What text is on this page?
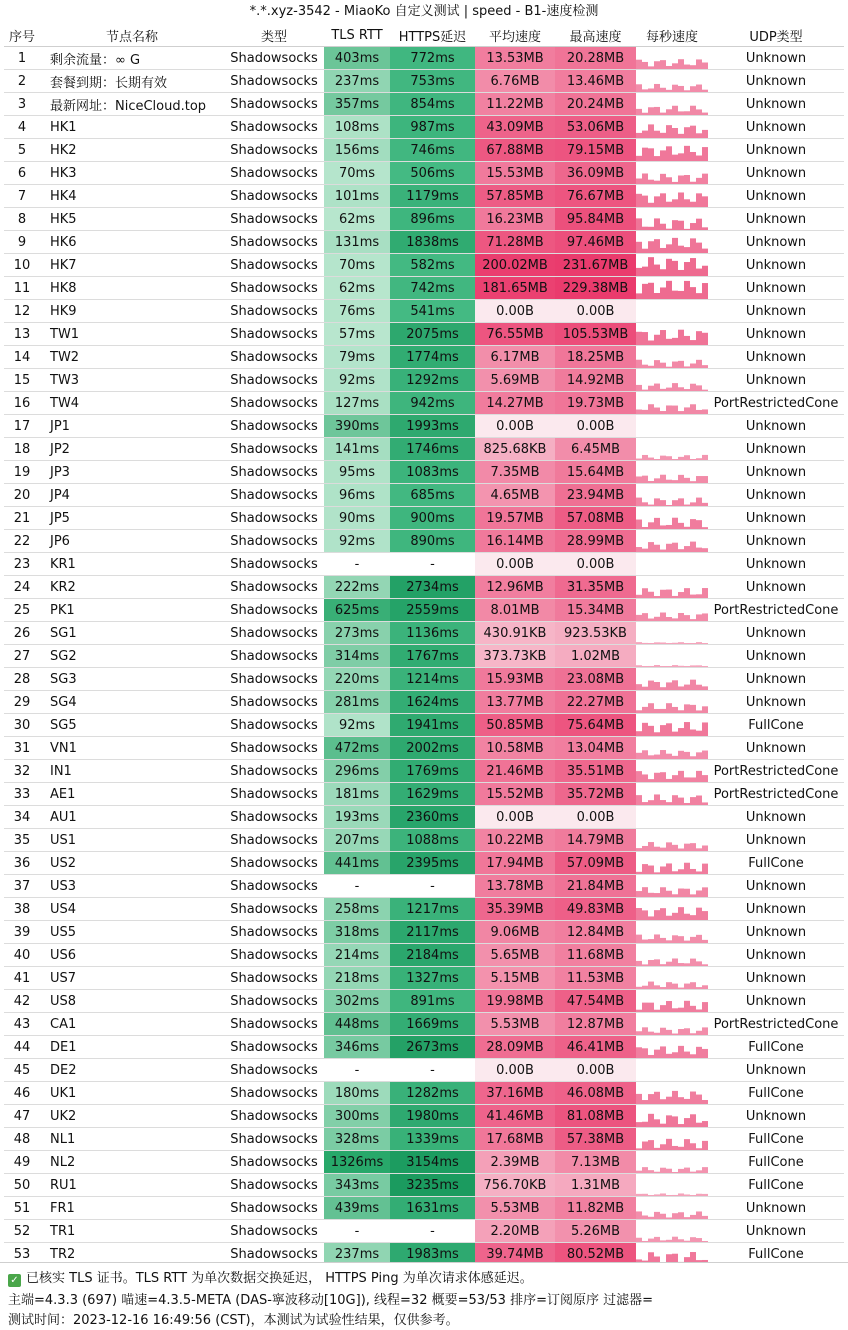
*.*.xyz-3542 - MiaoKo 自定义测试 | speed - B1-速度检测
序号	节点名称	类型	TLS RTT	HTTPS延迟	平均速度	最高速度	每秒速度	UDP类型
1	剩余流量：∞ G	Shadowsocks	403ms	772ms	13.53MB	20.28MB		Unknown
2	套餐到期：长期有效	Shadowsocks	237ms	753ms	6.76MB	13.46MB		Unknown
3	最新网址：NiceCloud.top	Shadowsocks	357ms	854ms	11.22MB	20.24MB		Unknown
4	HK1	Shadowsocks	108ms	987ms	43.09MB	53.06MB		Unknown
5	HK2	Shadowsocks	156ms	746ms	67.88MB	79.15MB		Unknown
6	HK3	Shadowsocks	70ms	506ms	15.53MB	36.09MB		Unknown
7	HK4	Shadowsocks	101ms	1179ms	57.85MB	76.67MB		Unknown
8	HK5	Shadowsocks	62ms	896ms	16.23MB	95.84MB		Unknown
9	HK6	Shadowsocks	131ms	1838ms	71.28MB	97.46MB		Unknown
10	HK7	Shadowsocks	70ms	582ms	200.02MB	231.67MB		Unknown
11	HK8	Shadowsocks	62ms	742ms	181.65MB	229.38MB		Unknown
12	HK9	Shadowsocks	76ms	541ms	0.00B	0.00B		Unknown
13	TW1	Shadowsocks	57ms	2075ms	76.55MB	105.53MB		Unknown
14	TW2	Shadowsocks	79ms	1774ms	6.17MB	18.25MB		Unknown
15	TW3	Shadowsocks	92ms	1292ms	5.69MB	14.92MB		Unknown
16	TW4	Shadowsocks	127ms	942ms	14.27MB	19.73MB		PortRestrictedCone
17	JP1	Shadowsocks	390ms	1993ms	0.00B	0.00B		Unknown
18	JP2	Shadowsocks	141ms	1746ms	825.68KB	6.45MB		Unknown
19	JP3	Shadowsocks	95ms	1083ms	7.35MB	15.64MB		Unknown
20	JP4	Shadowsocks	96ms	685ms	4.65MB	23.94MB		Unknown
21	JP5	Shadowsocks	90ms	900ms	19.57MB	57.08MB		Unknown
22	JP6	Shadowsocks	92ms	890ms	16.14MB	28.99MB		Unknown
23	KR1	Shadowsocks	-	-	0.00B	0.00B		Unknown
24	KR2	Shadowsocks	222ms	2734ms	12.96MB	31.35MB		Unknown
25	PK1	Shadowsocks	625ms	2559ms	8.01MB	15.34MB		PortRestrictedCone
26	SG1	Shadowsocks	273ms	1136ms	430.91KB	923.53KB		Unknown
27	SG2	Shadowsocks	314ms	1767ms	373.73KB	1.02MB		Unknown
28	SG3	Shadowsocks	220ms	1214ms	15.93MB	23.08MB		Unknown
29	SG4	Shadowsocks	281ms	1624ms	13.77MB	22.27MB		Unknown
30	SG5	Shadowsocks	92ms	1941ms	50.85MB	75.64MB		FullCone
31	VN1	Shadowsocks	472ms	2002ms	10.58MB	13.04MB		Unknown
32	IN1	Shadowsocks	296ms	1769ms	21.46MB	35.51MB		PortRestrictedCone
33	AE1	Shadowsocks	181ms	1629ms	15.52MB	35.72MB		PortRestrictedCone
34	AU1	Shadowsocks	193ms	2360ms	0.00B	0.00B		Unknown
35	US1	Shadowsocks	207ms	1088ms	10.22MB	14.79MB		Unknown
36	US2	Shadowsocks	441ms	2395ms	17.94MB	57.09MB		FullCone
37	US3	Shadowsocks	-	-	13.78MB	21.84MB		Unknown
38	US4	Shadowsocks	258ms	1217ms	35.39MB	49.83MB		Unknown
39	US5	Shadowsocks	318ms	2117ms	9.06MB	12.84MB		Unknown
40	US6	Shadowsocks	214ms	2184ms	5.65MB	11.68MB		Unknown
41	US7	Shadowsocks	218ms	1327ms	5.15MB	11.53MB		Unknown
42	US8	Shadowsocks	302ms	891ms	19.98MB	47.54MB		Unknown
43	CA1	Shadowsocks	448ms	1669ms	5.53MB	12.87MB		PortRestrictedCone
44	DE1	Shadowsocks	346ms	2673ms	28.09MB	46.41MB		FullCone
45	DE2	Shadowsocks	-	-	0.00B	0.00B		Unknown
46	UK1	Shadowsocks	180ms	1282ms	37.16MB	46.08MB		FullCone
47	UK2	Shadowsocks	300ms	1980ms	41.46MB	81.08MB		Unknown
48	NL1	Shadowsocks	328ms	1339ms	17.68MB	57.38MB		FullCone
49	NL2	Shadowsocks	1326ms	3154ms	2.39MB	7.13MB		FullCone
50	RU1	Shadowsocks	343ms	3235ms	756.70KB	1.31MB		FullCone
51	FR1	Shadowsocks	439ms	1631ms	5.53MB	11.82MB		Unknown
52	TR1	Shadowsocks	-	-	2.20MB	5.26MB		Unknown
53	TR2	Shadowsocks	237ms	1983ms	39.74MB	80.52MB		FullCone
✓ 已核实 TLS 证书。TLS RTT 为单次数据交换延迟， HTTPS Ping 为单次请求体感延迟。
主端=4.3.3 (697) 喵速=4.3.5-META (DAS-寧波移动[10G]), 线程=32 概要=53/53 排序=订阅原序 过滤器=
测试时间：2023-12-16 16:49:56 (CST)，本测试为试验性结果，仅供参考。
